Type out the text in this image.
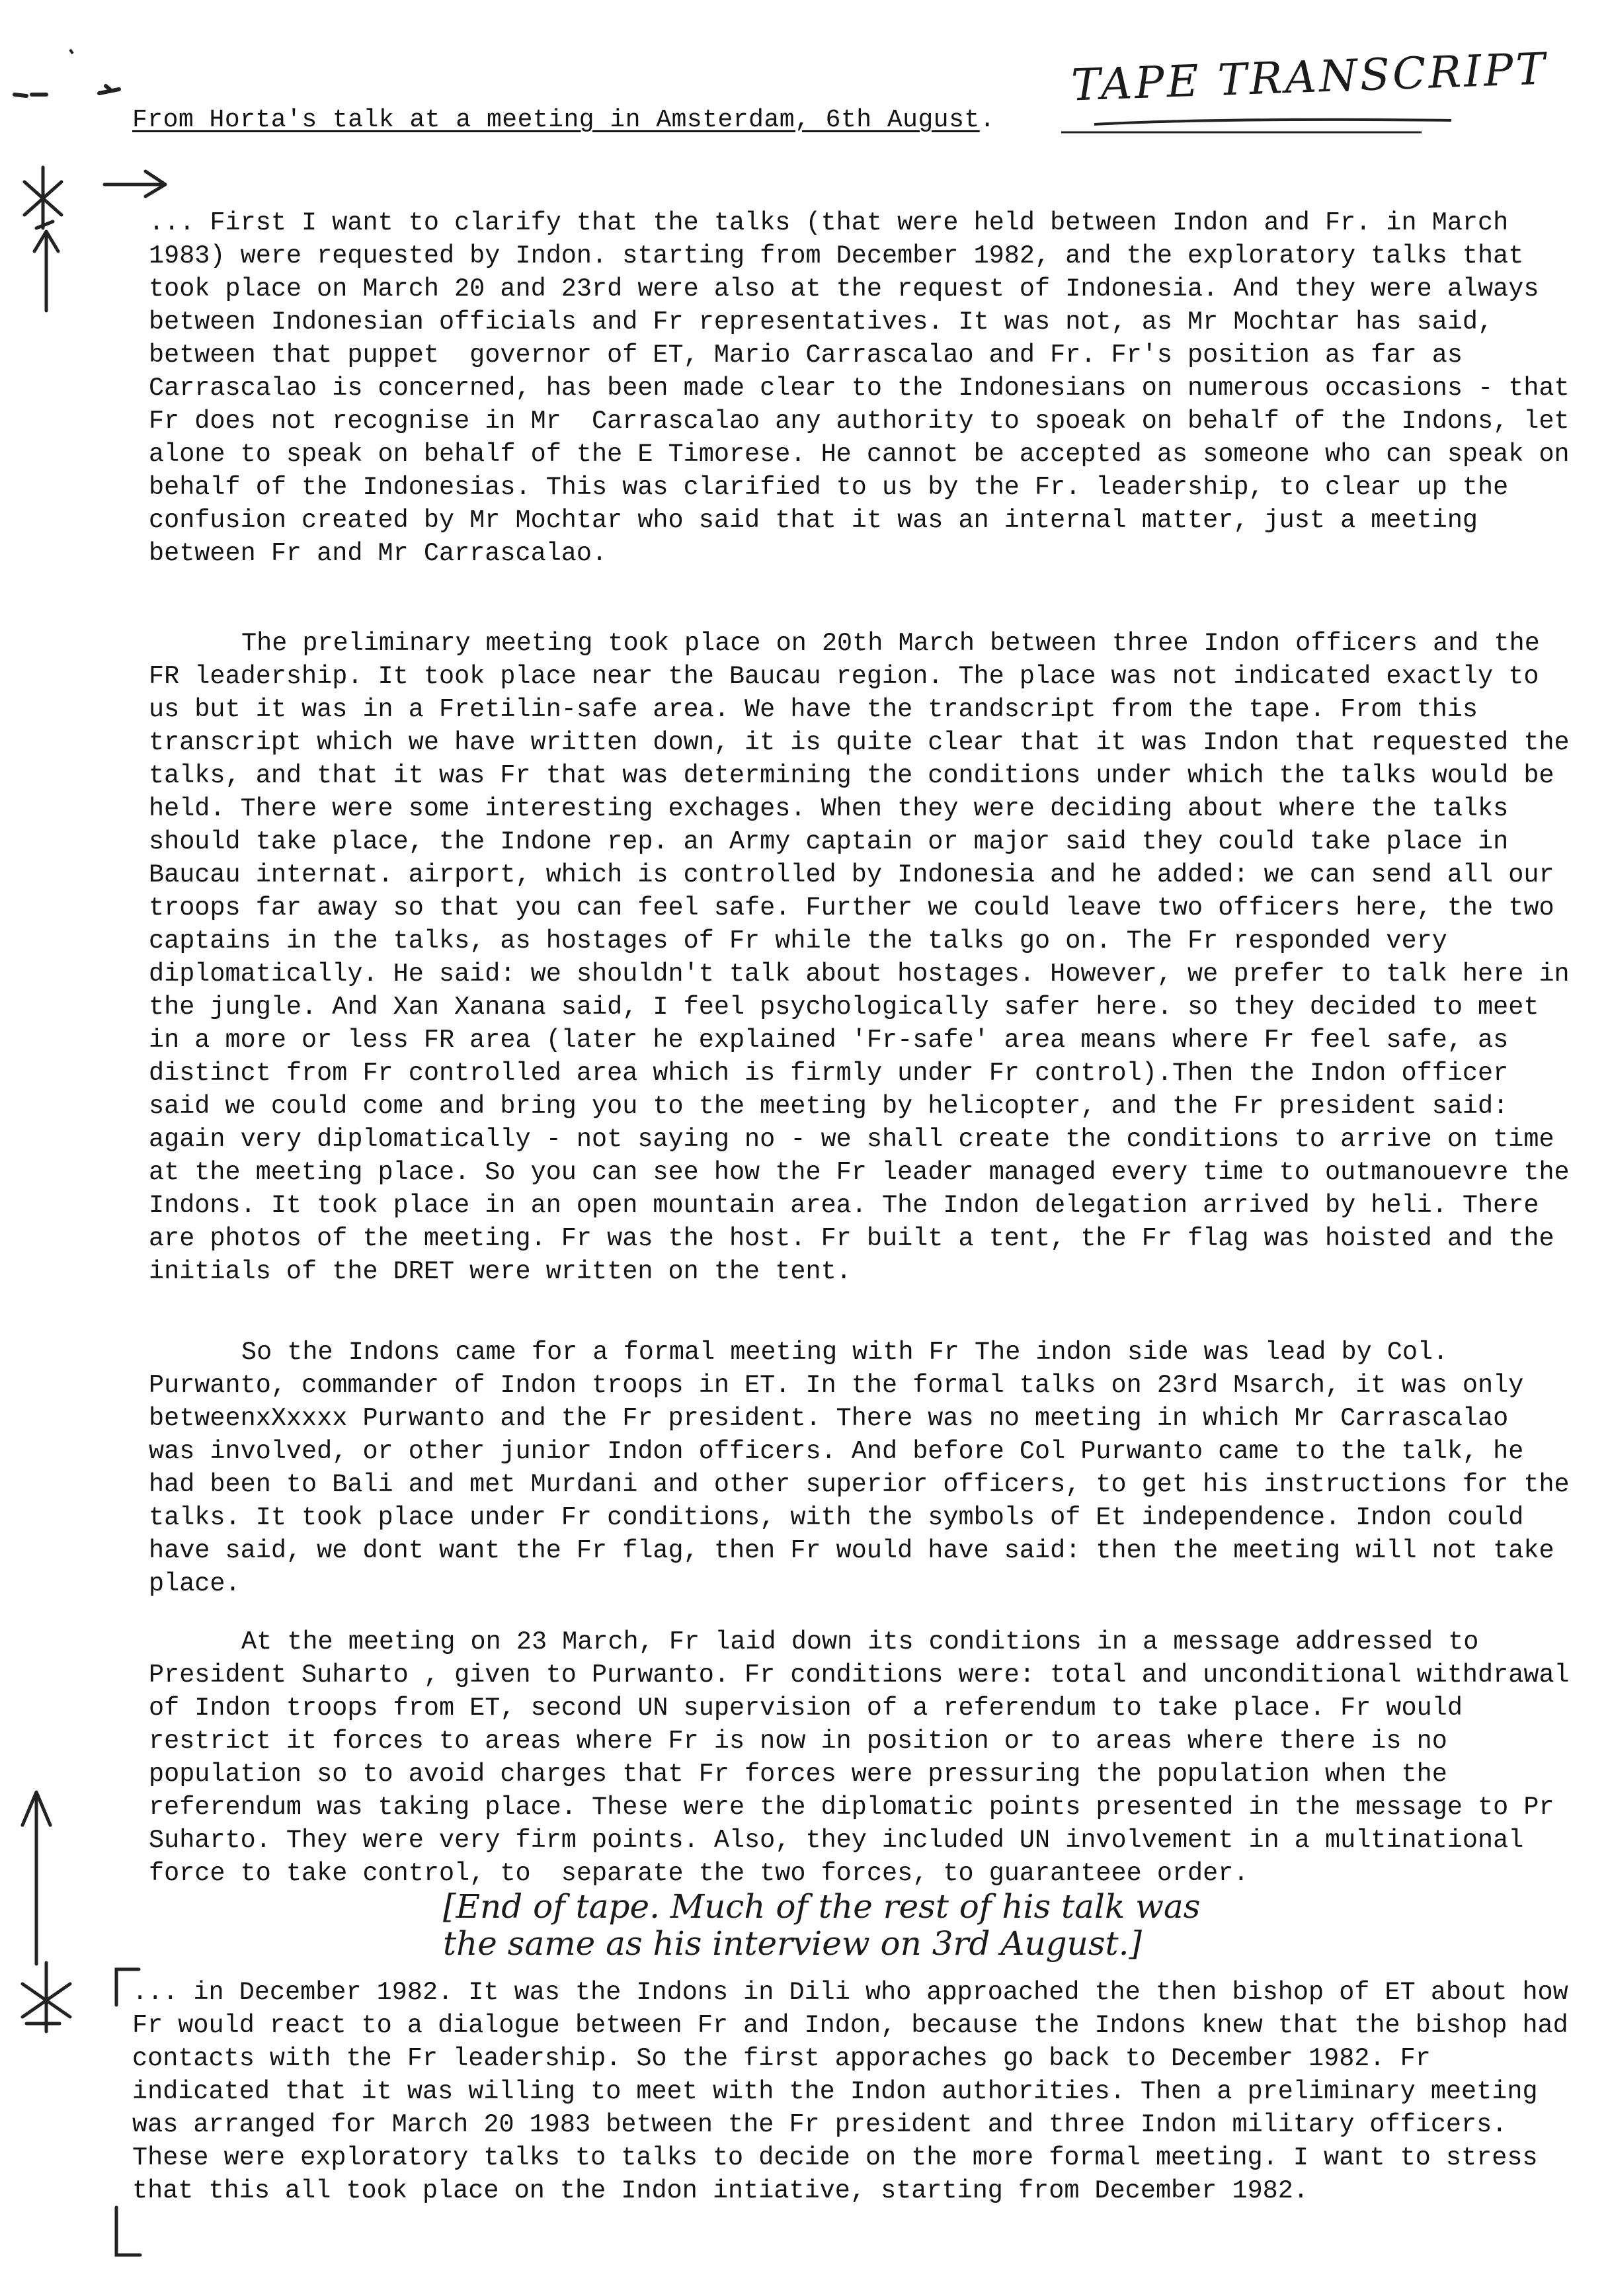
TAPE TRANSCRIPT
From Horta's talk at a meeting in Amsterdam, 6th August.

... First I want to clarify that the talks (that were held between Indon and Fr. in March 1983) were requested by Indon. starting from December 1982, and the exploratory talks that took place on March 20 and 23rd were also at the request of Indonesia. And they were always between Indonesian officials and Fr representatives. It was not, as Mr Mochtar has said, between that puppet  governor of ET, Mario Carrascalao and Fr. Fr's position as far as Carrascalao is concerned, has been made clear to the Indonesians on numerous occasions - that Fr does not recognise in Mr  Carrascalao any authority to spoeak on behalf of the Indons, let alone to speak on behalf of the E Timorese. He cannot be accepted as someone who can speak on behalf of the Indonesias. This was clarified to us by the Fr. leadership, to clear up the confusion created by Mr Mochtar who said that it was an internal matter, just a meeting between Fr and Mr Carrascalao.

The preliminary meeting took place on 20th March between three Indon officers and the FR leadership. It took place near the Baucau region. The place was not indicated exactly to us but it was in a Fretilin-safe area. We have the trandscript from the tape. From this transcript which we have written down, it is quite clear that it was Indon that requested the talks, and that it was Fr that was determining the conditions under which the talks would be held. There were some interesting exchages. When they were deciding about where the talks should take place, the Indone rep. an Army captain or major said they could take place in Baucau internat. airport, which is controlled by Indonesia and he added: we can send all our troops far away so that you can feel safe. Further we could leave two officers here, the two captains in the talks, as hostages of Fr while the talks go on. The Fr responded very diplomatically. He said: we shouldn't talk about hostages. However, we prefer to talk here in the jungle. And Xan Xanana said, I feel psychologically safer here. so they decided to meet in a more or less FR area (later he explained 'Fr-safe' area means where Fr feel safe, as distinct from Fr controlled area which is firmly under Fr control).Then the Indon officer said we could come and bring you to the meeting by helicopter, and the Fr president said: again very diplomatically - not saying no - we shall create the conditions to arrive on time at the meeting place. So you can see how the Fr leader managed every time to outmanouevre the Indons. It took place in an open mountain area. The Indon delegation arrived by heli. There are photos of the meeting. Fr was the host. Fr built a tent, the Fr flag was hoisted and the initials of the DRET were written on the tent.

So the Indons came for a formal meeting with Fr The indon side was lead by Col. Purwanto, commander of Indon troops in ET. In the formal talks on 23rd Msarch, it was only betweenxXxxxx Purwanto and the Fr president. There was no meeting in which Mr Carrascalao  was involved, or other junior Indon officers. And before Col Purwanto came to the talk, he had been to Bali and met Murdani and other superior officers, to get his instructions for the talks. It took place under Fr conditions, with the symbols of Et independence. Indon could have said, we dont want the Fr flag, then Fr would have said: then the meeting will not take place.

At the meeting on 23 March, Fr laid down its conditions in a message addressed to President Suharto , given to Purwanto. Fr conditions were: total and unconditional withdrawal of Indon troops from ET, second UN supervision of a referendum to take place. Fr would restrict it forces to areas where Fr is now in position or to areas where there is no population so to avoid charges that Fr forces were pressuring the population when the referendum was taking place. These were the diplomatic points presented in the message to Pr Suharto. They were very firm points. Also, they included UN involvement in a multinational force to take control, to  separate the two forces, to guaranteee order.

[End of tape. Much of the rest of his talk was the same as his interview on 3rd August.]

... in December 1982. It was the Indons in Dili who approached the then bishop of ET about how Fr would react to a dialogue between Fr and Indon, because the Indons knew that the bishop had contacts with the Fr leadership. So the first apporaches go back to December 1982. Fr indicated that it was willing to meet with the Indon authorities. Then a preliminary meeting was arranged for March 20 1983 between the Fr president and three Indon military officers. These were exploratory talks to talks to decide on the more formal meeting. I want to stress that this all took place on the Indon intiative, starting from December 1982.
